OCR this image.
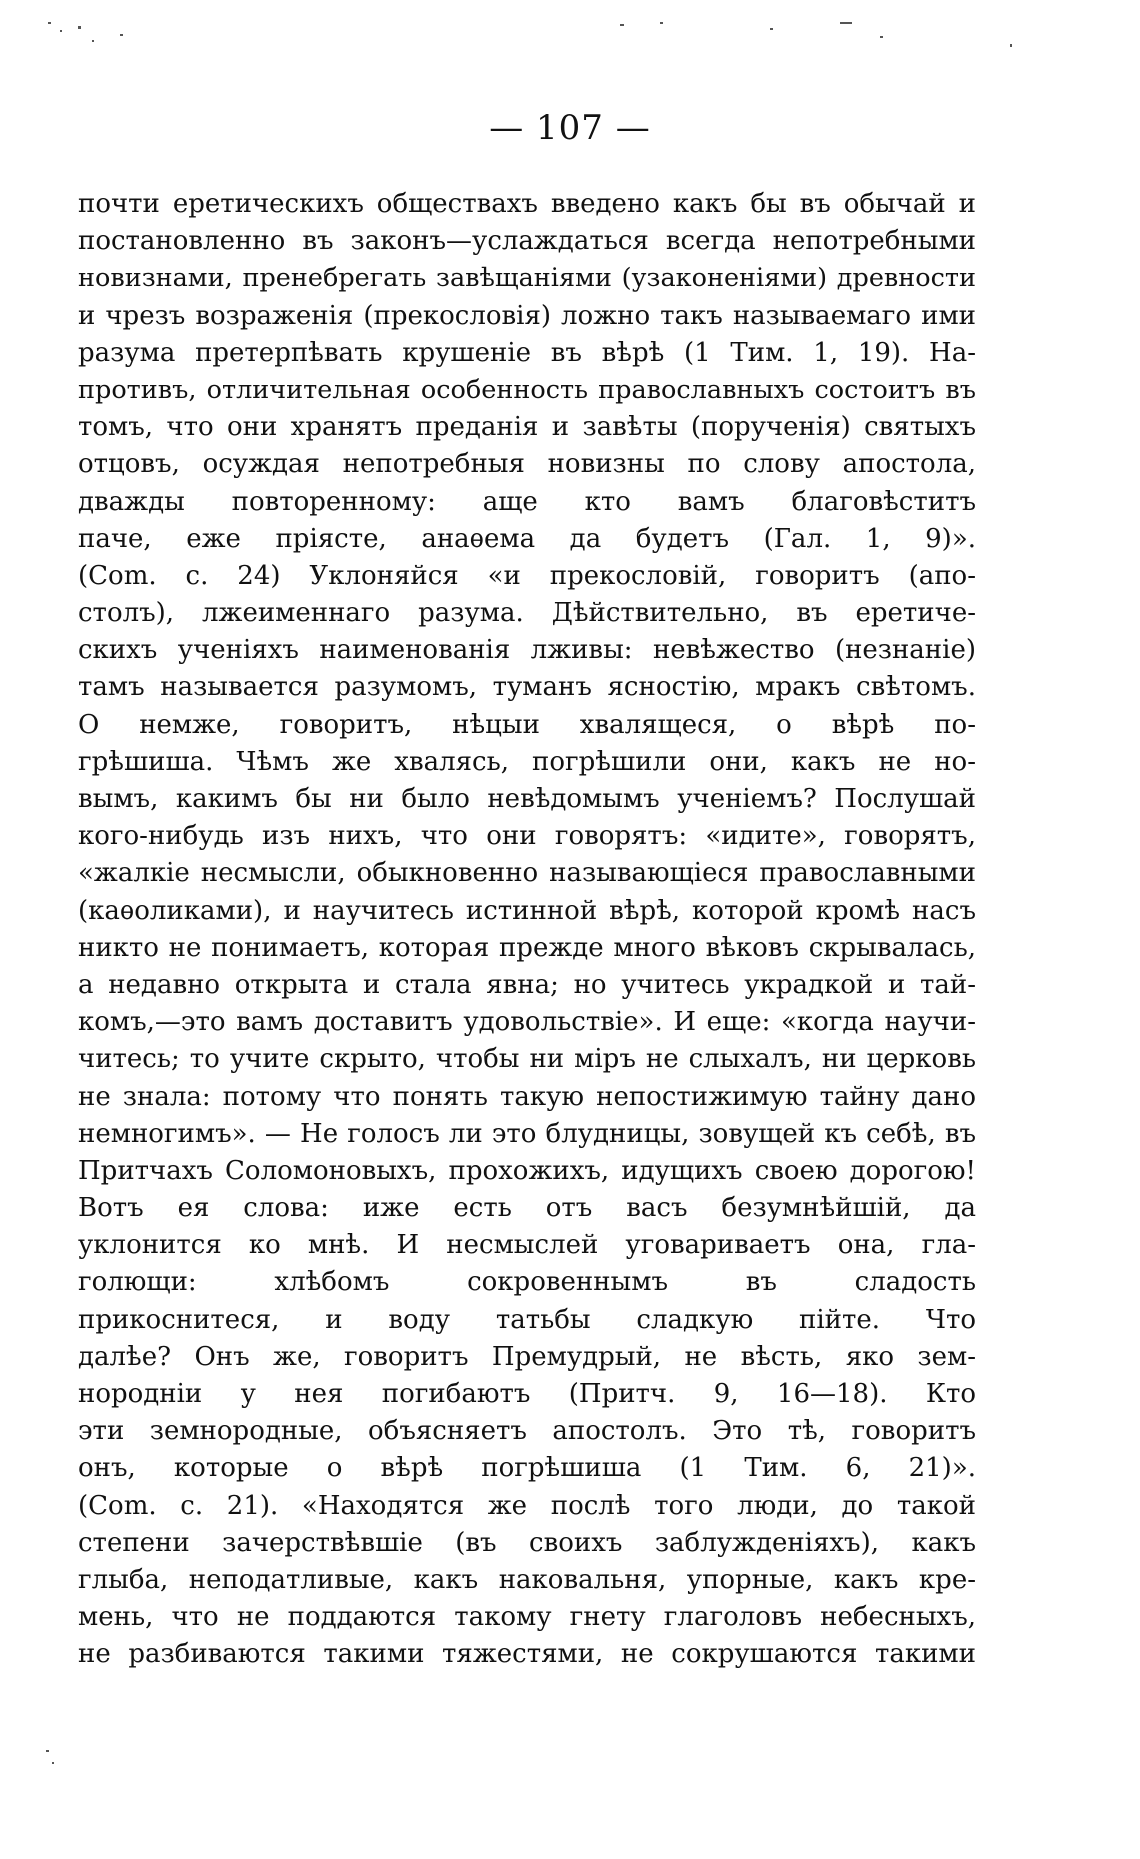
— 107 —
почти еретическихъ обществахъ введено какъ бы въ обычай и
постановленно въ законъ—услаждаться всегда непотребными
новизнами, пренебрегать завѣщаніями (узаконеніями) древности
и чрезъ возраженія (прекословія) ложно такъ называемаго ими
разума претерпѣвать крушеніе въ вѣрѣ (1 Тим. 1, 19). На-
противъ, отличительная особенность православныхъ состоитъ въ
томъ, что они хранятъ преданія и завѣты (порученія) святыхъ
отцовъ, осуждая непотребныя новизны по слову апостола,
дважды повторенному: аще кто вамъ благовѣститъ
паче, еже пріясте, анаѳема да будетъ (Гал. 1, 9)».
(Com. с. 24) Уклоняйся «и прекословій, говоритъ (апо-
столъ), лжеименнаго разума. Дѣйствительно, въ еретиче-
скихъ ученіяхъ наименованія лживы: невѣжество (незнаніе)
тамъ называется разумомъ, туманъ ясностію, мракъ свѣтомъ.
О немже, говоритъ, нѣцыи хвалящеся, о вѣрѣ по-
грѣшиша. Чѣмъ же хвалясь, погрѣшили они, какъ не но-
вымъ, какимъ бы ни было невѣдомымъ ученіемъ? Послушай
кого-нибудь изъ нихъ, что они говорятъ: «идите», говорятъ,
«жалкіе несмысли, обыкновенно называющіеся православными
(каѳоликами), и научитесь истинной вѣрѣ, которой кромѣ насъ
никто не понимаетъ, которая прежде много вѣковъ скрывалась,
а недавно открыта и стала явна; но учитесь украдкой и тай-
комъ,—это вамъ доставитъ удовольствіе». И еще: «когда научи-
читесь; то учите скрыто, чтобы ни міръ не слыхалъ, ни церковь
не знала: потому что понять такую непостижимую тайну дано
немногимъ». — Не голосъ ли это блудницы, зовущей къ себѣ, въ
Притчахъ Соломоновыхъ, прохожихъ, идущихъ своею дорогою!
Вотъ ея слова: иже есть отъ васъ безумнѣйшій, да
уклонится ко мнѣ. И несмыслей уговариваетъ она, гла-
голющи: хлѣбомъ сокровеннымъ въ сладость
прикоснитеся, и воду татьбы сладкую пійте. Что
далѣе? Онъ же, говоритъ Премудрый, не вѣсть, яко зем-
нородніи у нея погибаютъ (Притч. 9, 16—18). Кто
эти земнородные, объясняетъ апостолъ. Это тѣ, говоритъ
онъ, которые о вѣрѣ погрѣшиша (1 Тим. 6, 21)».
(Com. с. 21). «Находятся же послѣ того люди, до такой
степени зачерствѣвшіе (въ своихъ заблужденіяхъ), какъ
глыба, неподатливые, какъ наковальня, упорные, какъ кре-
мень, что не поддаются такому гнету глаголовъ небесныхъ,
не разбиваются такими тяжестями, не сокрушаются такими
